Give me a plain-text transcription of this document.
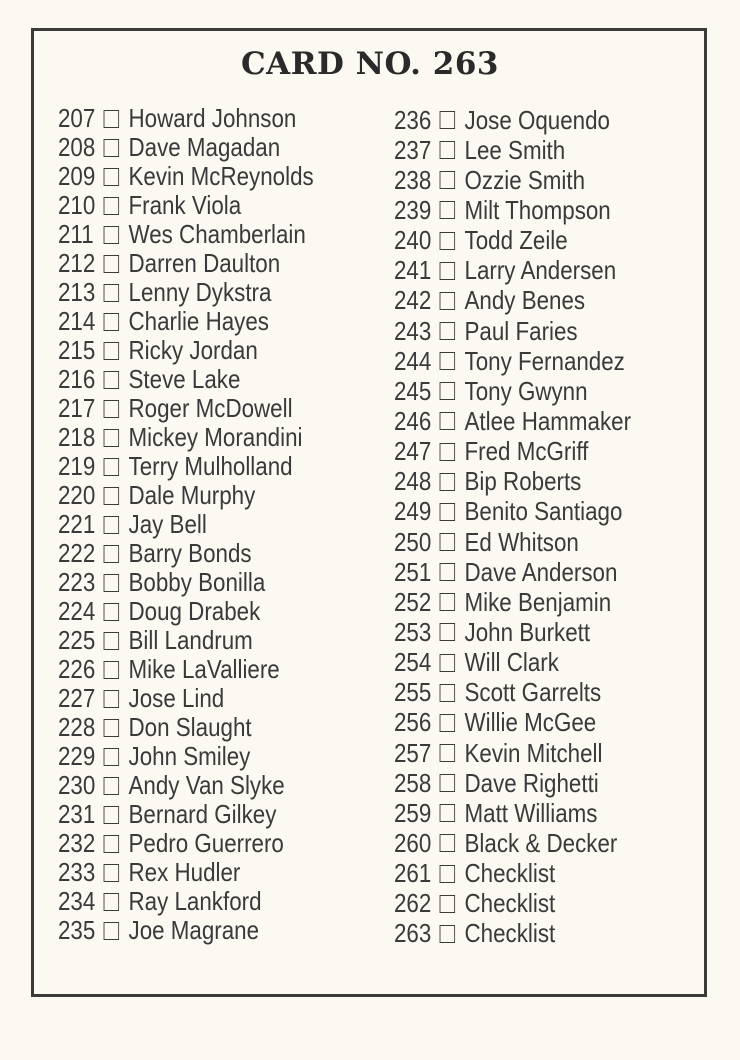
CARD NO. 263
207 Howard Johnson
208 Dave Magadan
209 Kevin McReynolds
210 Frank Viola
211 Wes Chamberlain
212 Darren Daulton
213 Lenny Dykstra
214 Charlie Hayes
215 Ricky Jordan
216 Steve Lake
217 Roger McDowell
218 Mickey Morandini
219 Terry Mulholland
220 Dale Murphy
221 Jay Bell
222 Barry Bonds
223 Bobby Bonilla
224 Doug Drabek
225 Bill Landrum
226 Mike LaValliere
227 Jose Lind
228 Don Slaught
229 John Smiley
230 Andy Van Slyke
231 Bernard Gilkey
232 Pedro Guerrero
233 Rex Hudler
234 Ray Lankford
235 Joe Magrane
236 Jose Oquendo
237 Lee Smith
238 Ozzie Smith
239 Milt Thompson
240 Todd Zeile
241 Larry Andersen
242 Andy Benes
243 Paul Faries
244 Tony Fernandez
245 Tony Gwynn
246 Atlee Hammaker
247 Fred McGriff
248 Bip Roberts
249 Benito Santiago
250 Ed Whitson
251 Dave Anderson
252 Mike Benjamin
253 John Burkett
254 Will Clark
255 Scott Garrelts
256 Willie McGee
257 Kevin Mitchell
258 Dave Righetti
259 Matt Williams
260 Black & Decker
261 Checklist
262 Checklist
263 Checklist
